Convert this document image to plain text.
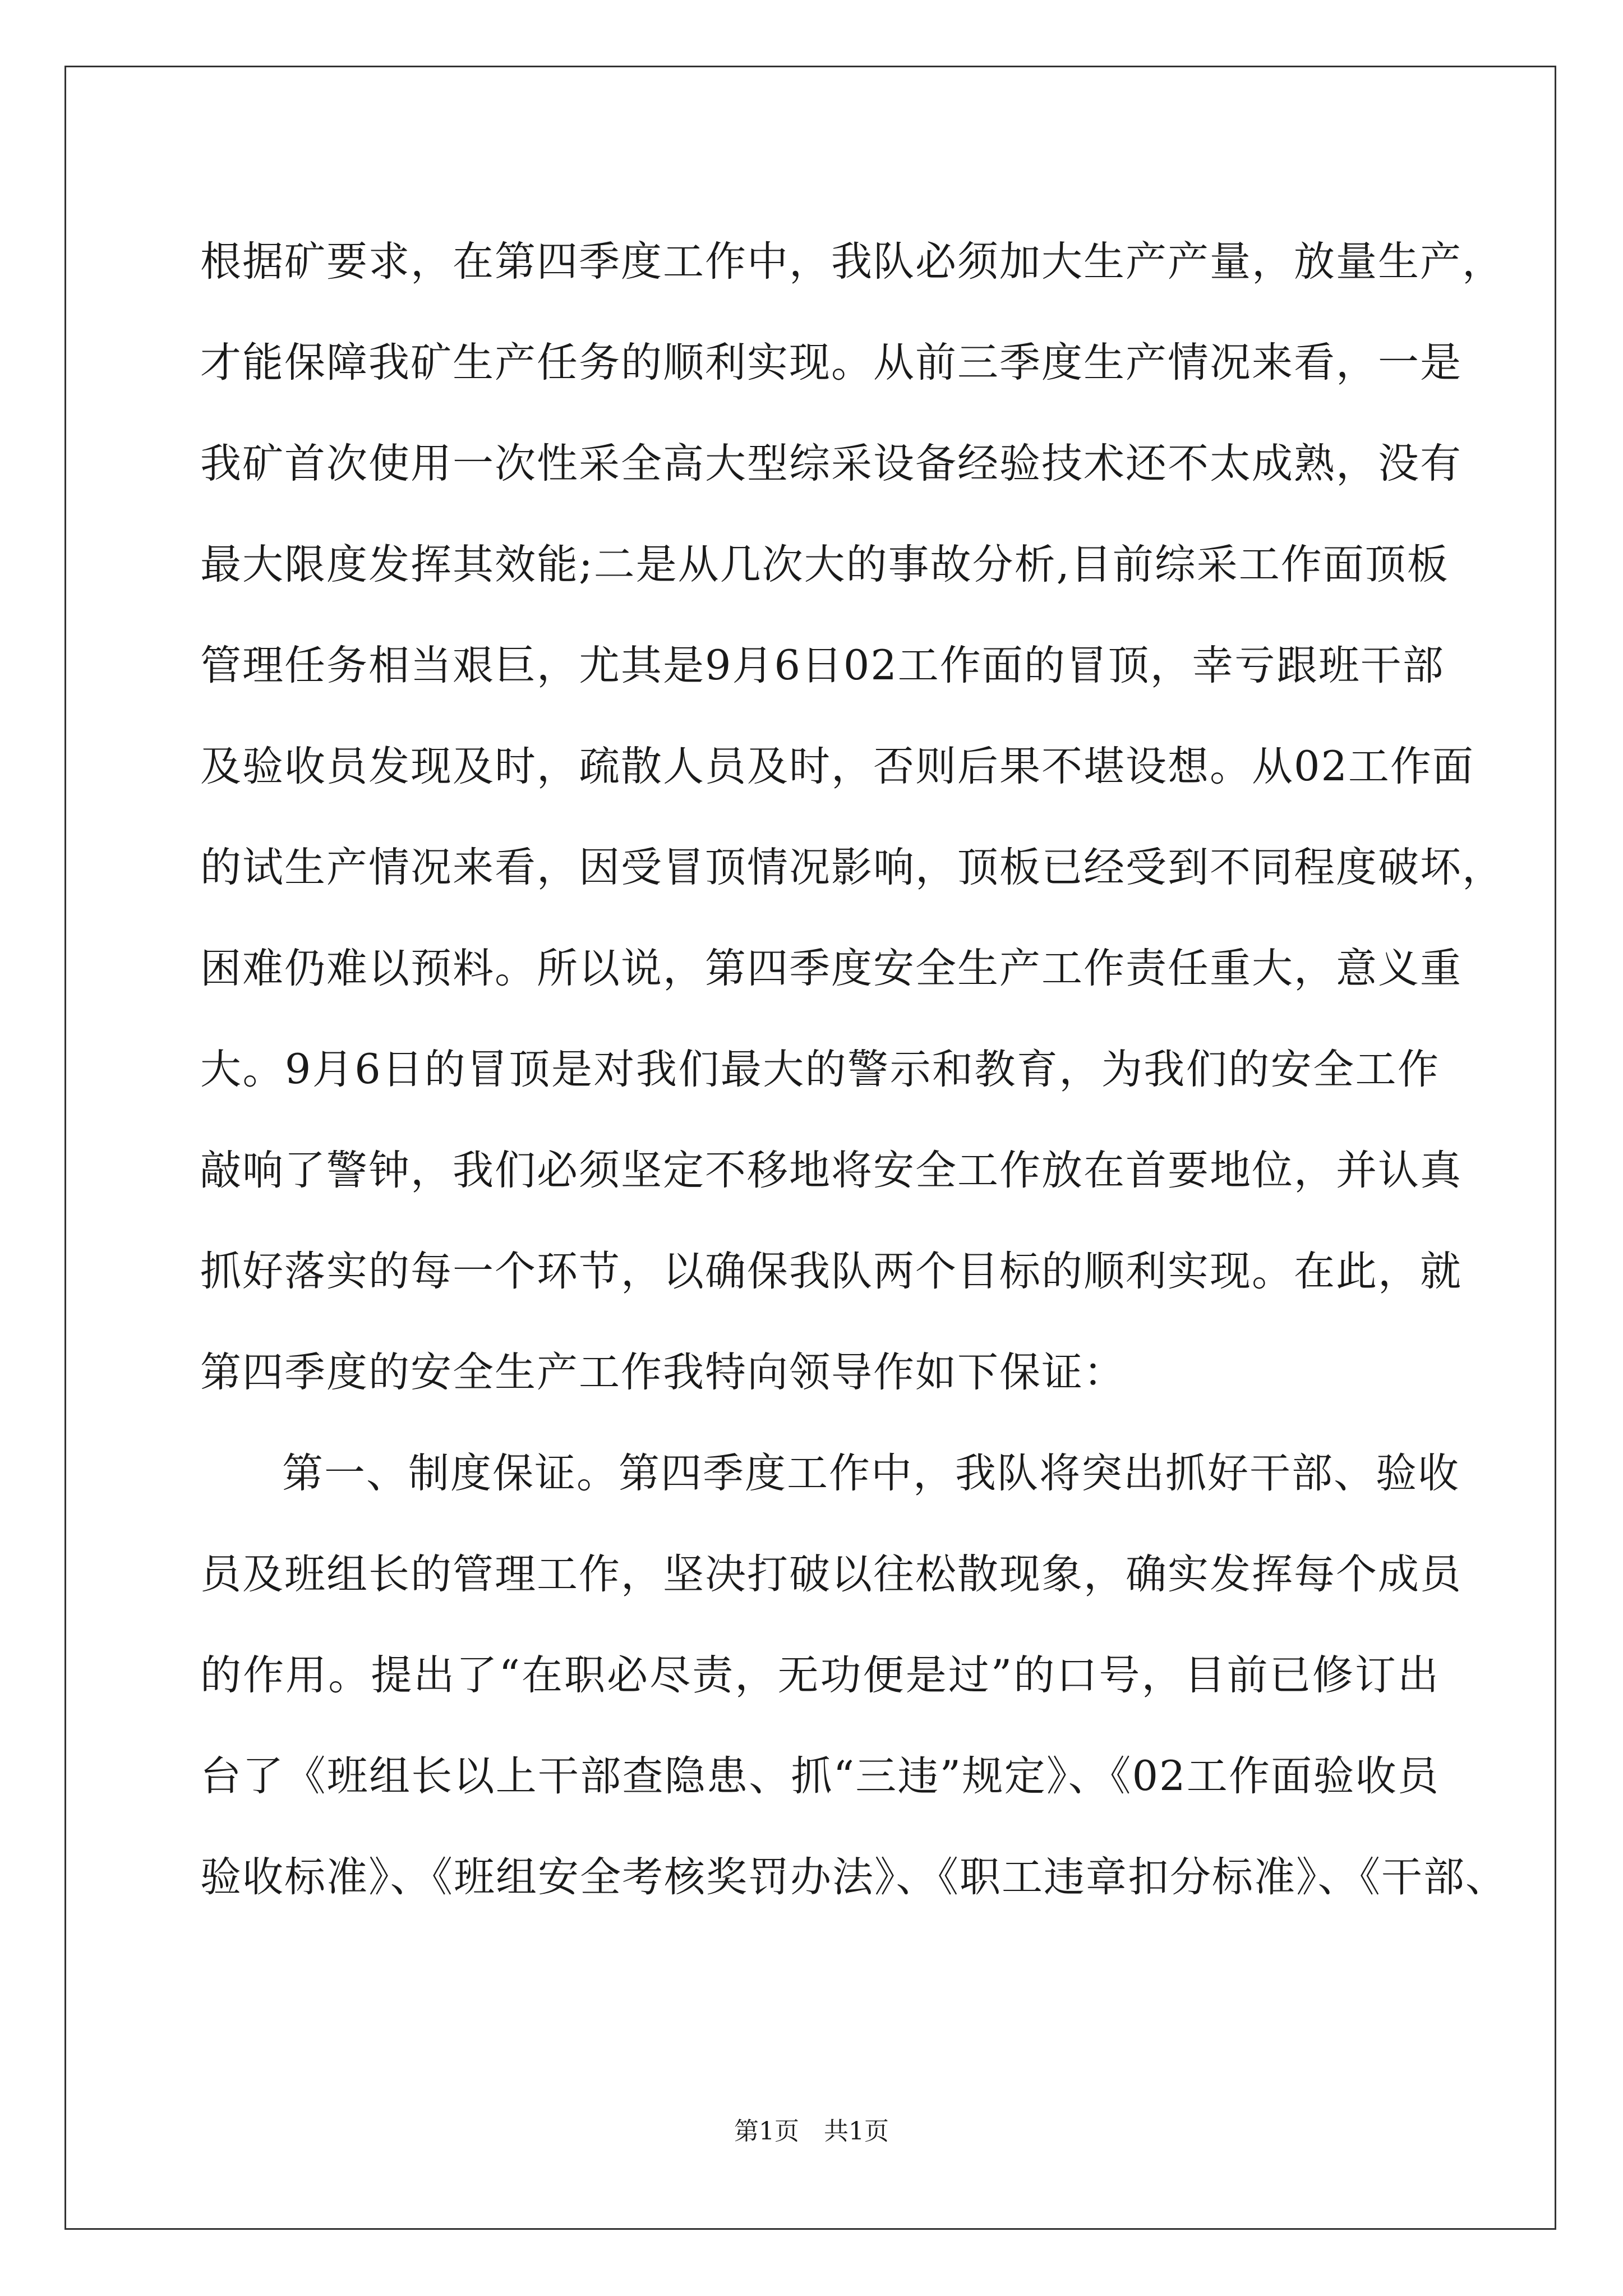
根据矿要求，在第四季度工作中，我队必须加大生产产量，放量生产，
才能保障我矿生产任务的顺利实现。从前三季度生产情况来看，一是
我矿首次使用一次性采全高大型综采设备经验技术还不太成熟，没有
最大限度发挥其效能;二是从几次大的事故分析,目前综采工作面顶板
管理任务相当艰巨，尤其是9月6日02工作面的冒顶，幸亏跟班干部
及验收员发现及时，疏散人员及时，否则后果不堪设想。从02工作面
的试生产情况来看，因受冒顶情况影响，顶板已经受到不同程度破坏，
困难仍难以预料。所以说，第四季度安全生产工作责任重大，意义重
大。9月6日的冒顶是对我们最大的警示和教育，为我们的安全工作
敲响了警钟，我们必须坚定不移地将安全工作放在首要地位，并认真
抓好落实的每一个环节，以确保我队两个目标的顺利实现。在此，就
第四季度的安全生产工作我特向领导作如下保证：
第一、制度保证。第四季度工作中，我队将突出抓好干部、验收
员及班组长的管理工作，坚决打破以往松散现象，确实发挥每个成员
的作用。提出了“在职必尽责，无功便是过”的口号，目前已修订出
台了《班组长以上干部查隐患、抓“三违”规定》、《02工作面验收员
验收标准》、《班组安全考核奖罚办法》、《职工违章扣分标准》、《干部、
第1页　共1页
